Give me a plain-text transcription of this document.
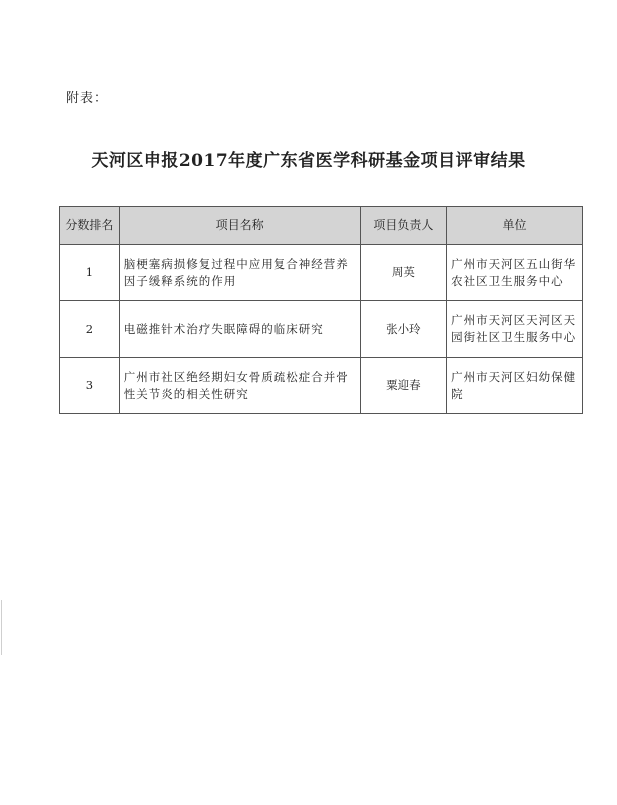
附表：
天河区申报2017年度广东省医学科研基金项目评审结果
分数排名	项目名称	项目负责人	单位
1	脑梗塞病损修复过程中应用复合神经营养因子缓释系统的作用	周英	广州市天河区五山街华农社区卫生服务中心
2	电磁推针术治疗失眠障碍的临床研究	张小玲	广州市天河区天河区天园街社区卫生服务中心
3	广州市社区绝经期妇女骨质疏松症合并骨性关节炎的相关性研究	粟迎春	广州市天河区妇幼保健院
